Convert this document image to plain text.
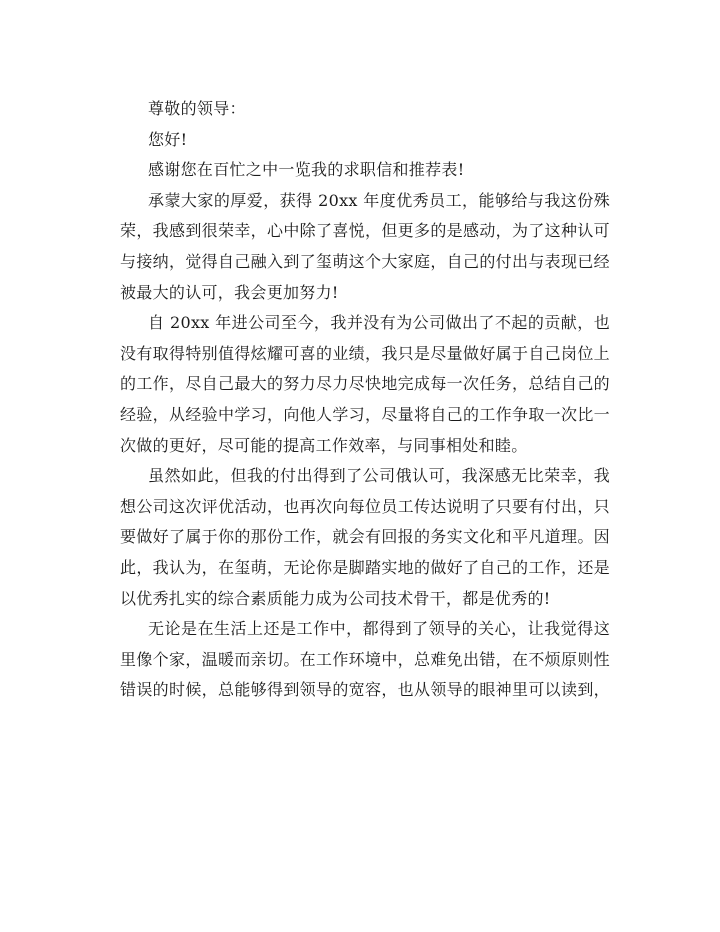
尊敬的领导：
您好!
感谢您在百忙之中一览我的求职信和推荐表!
承蒙大家的厚爱，获得 20xx 年度优秀员工，能够给与我这份殊
荣，我感到很荣幸，心中除了喜悦，但更多的是感动，为了这种认可
与接纳，觉得自己融入到了玺萌这个大家庭，自己的付出与表现已经
被最大的认可，我会更加努力!
自 20xx 年进公司至今，我并没有为公司做出了不起的贡献，也
没有取得特别值得炫耀可喜的业绩，我只是尽量做好属于自己岗位上
的工作，尽自己最大的努力尽力尽快地完成每一次任务，总结自己的
经验，从经验中学习，向他人学习，尽量将自己的工作争取一次比一
次做的更好，尽可能的提高工作效率，与同事相处和睦。
虽然如此，但我的付出得到了公司俄认可，我深感无比荣幸，我
想公司这次评优活动，也再次向每位员工传达说明了只要有付出，只
要做好了属于你的那份工作，就会有回报的务实文化和平凡道理。因
此，我认为，在玺萌，无论你是脚踏实地的做好了自己的工作，还是
以优秀扎实的综合素质能力成为公司技术骨干，都是优秀的!
无论是在生活上还是工作中，都得到了领导的关心，让我觉得这
里像个家，温暖而亲切。在工作环境中，总难免出错，在不烦原则性
错误的时候，总能够得到领导的宽容，也从领导的眼神里可以读到，
